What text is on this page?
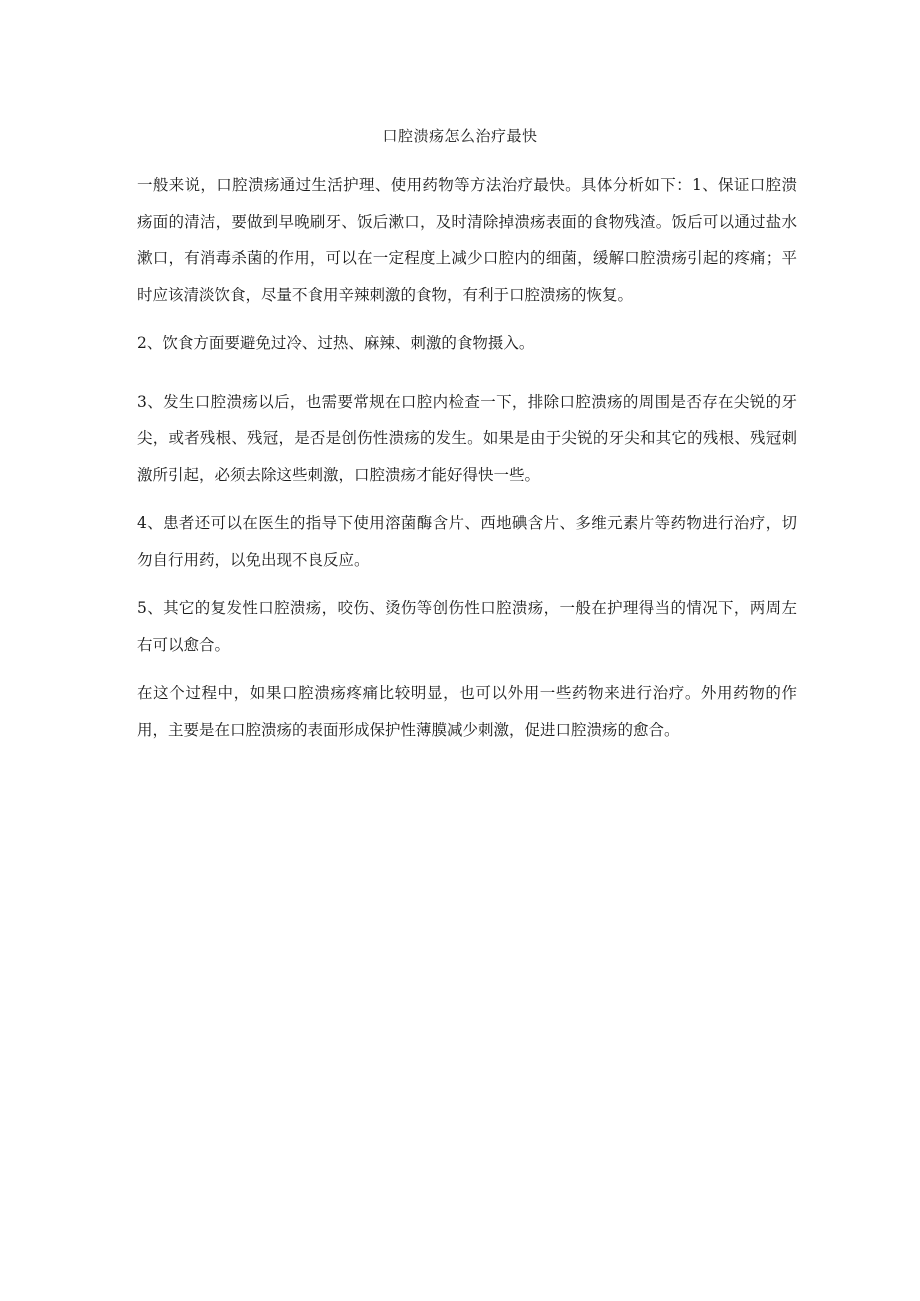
口腔溃疡怎么治疗最快

一般来说，口腔溃疡通过生活护理、使用药物等方法治疗最快。具体分析如下：1、保证口腔溃疡面的清洁，要做到早晚刷牙、饭后漱口，及时清除掉溃疡表面的食物残渣。饭后可以通过盐水漱口，有消毒杀菌的作用，可以在一定程度上减少口腔内的细菌，缓解口腔溃疡引起的疼痛；平时应该清淡饮食，尽量不食用辛辣刺激的食物，有利于口腔溃疡的恢复。

2、饮食方面要避免过冷、过热、麻辣、刺激的食物摄入。

3、发生口腔溃疡以后，也需要常规在口腔内检查一下，排除口腔溃疡的周围是否存在尖锐的牙尖，或者残根、残冠，是否是创伤性溃疡的发生。如果是由于尖锐的牙尖和其它的残根、残冠刺激所引起，必须去除这些刺激，口腔溃疡才能好得快一些。

4、患者还可以在医生的指导下使用溶菌酶含片、西地碘含片、多维元素片等药物进行治疗，切勿自行用药，以免出现不良反应。

5、其它的复发性口腔溃疡，咬伤、烫伤等创伤性口腔溃疡，一般在护理得当的情况下，两周左右可以愈合。

在这个过程中，如果口腔溃疡疼痛比较明显，也可以外用一些药物来进行治疗。外用药物的作用，主要是在口腔溃疡的表面形成保护性薄膜减少刺激，促进口腔溃疡的愈合。
